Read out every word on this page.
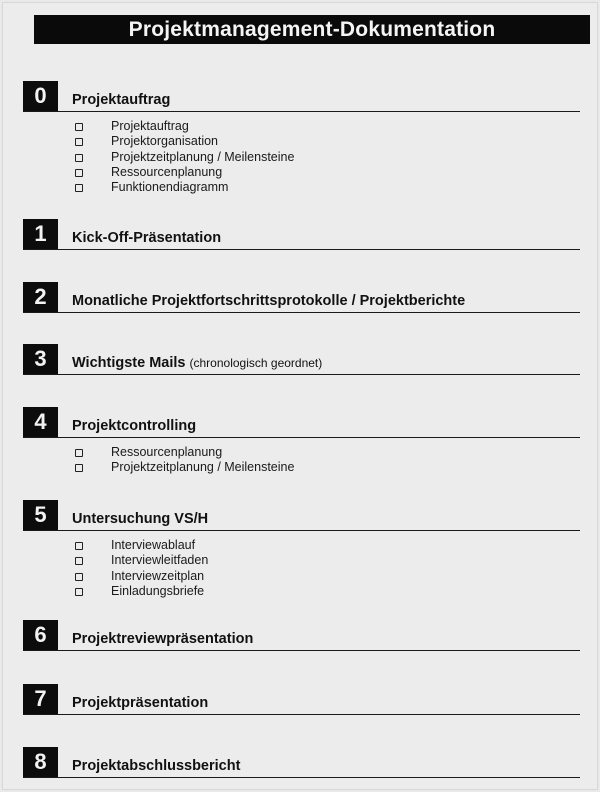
Projektmanagement-Dokumentation
0	Projektauftrag
Projektauftrag
Projektorganisation
Projektzeitplanung / Meilensteine
Ressourcenplanung
Funktionendiagramm
1	Kick-Off-Präsentation
2	Monatliche Projektfortschrittsprotokolle / Projektberichte
3	Wichtigste Mails (chronologisch geordnet)
4	Projektcontrolling
Ressourcenplanung
Projektzeitplanung / Meilensteine
5	Untersuchung VS/H
Interviewablauf
Interviewleitfaden
Interviewzeitplan
Einladungsbriefe
6	Projektreviewpräsentation
7	Projektpräsentation
8	Projektabschlussbericht
